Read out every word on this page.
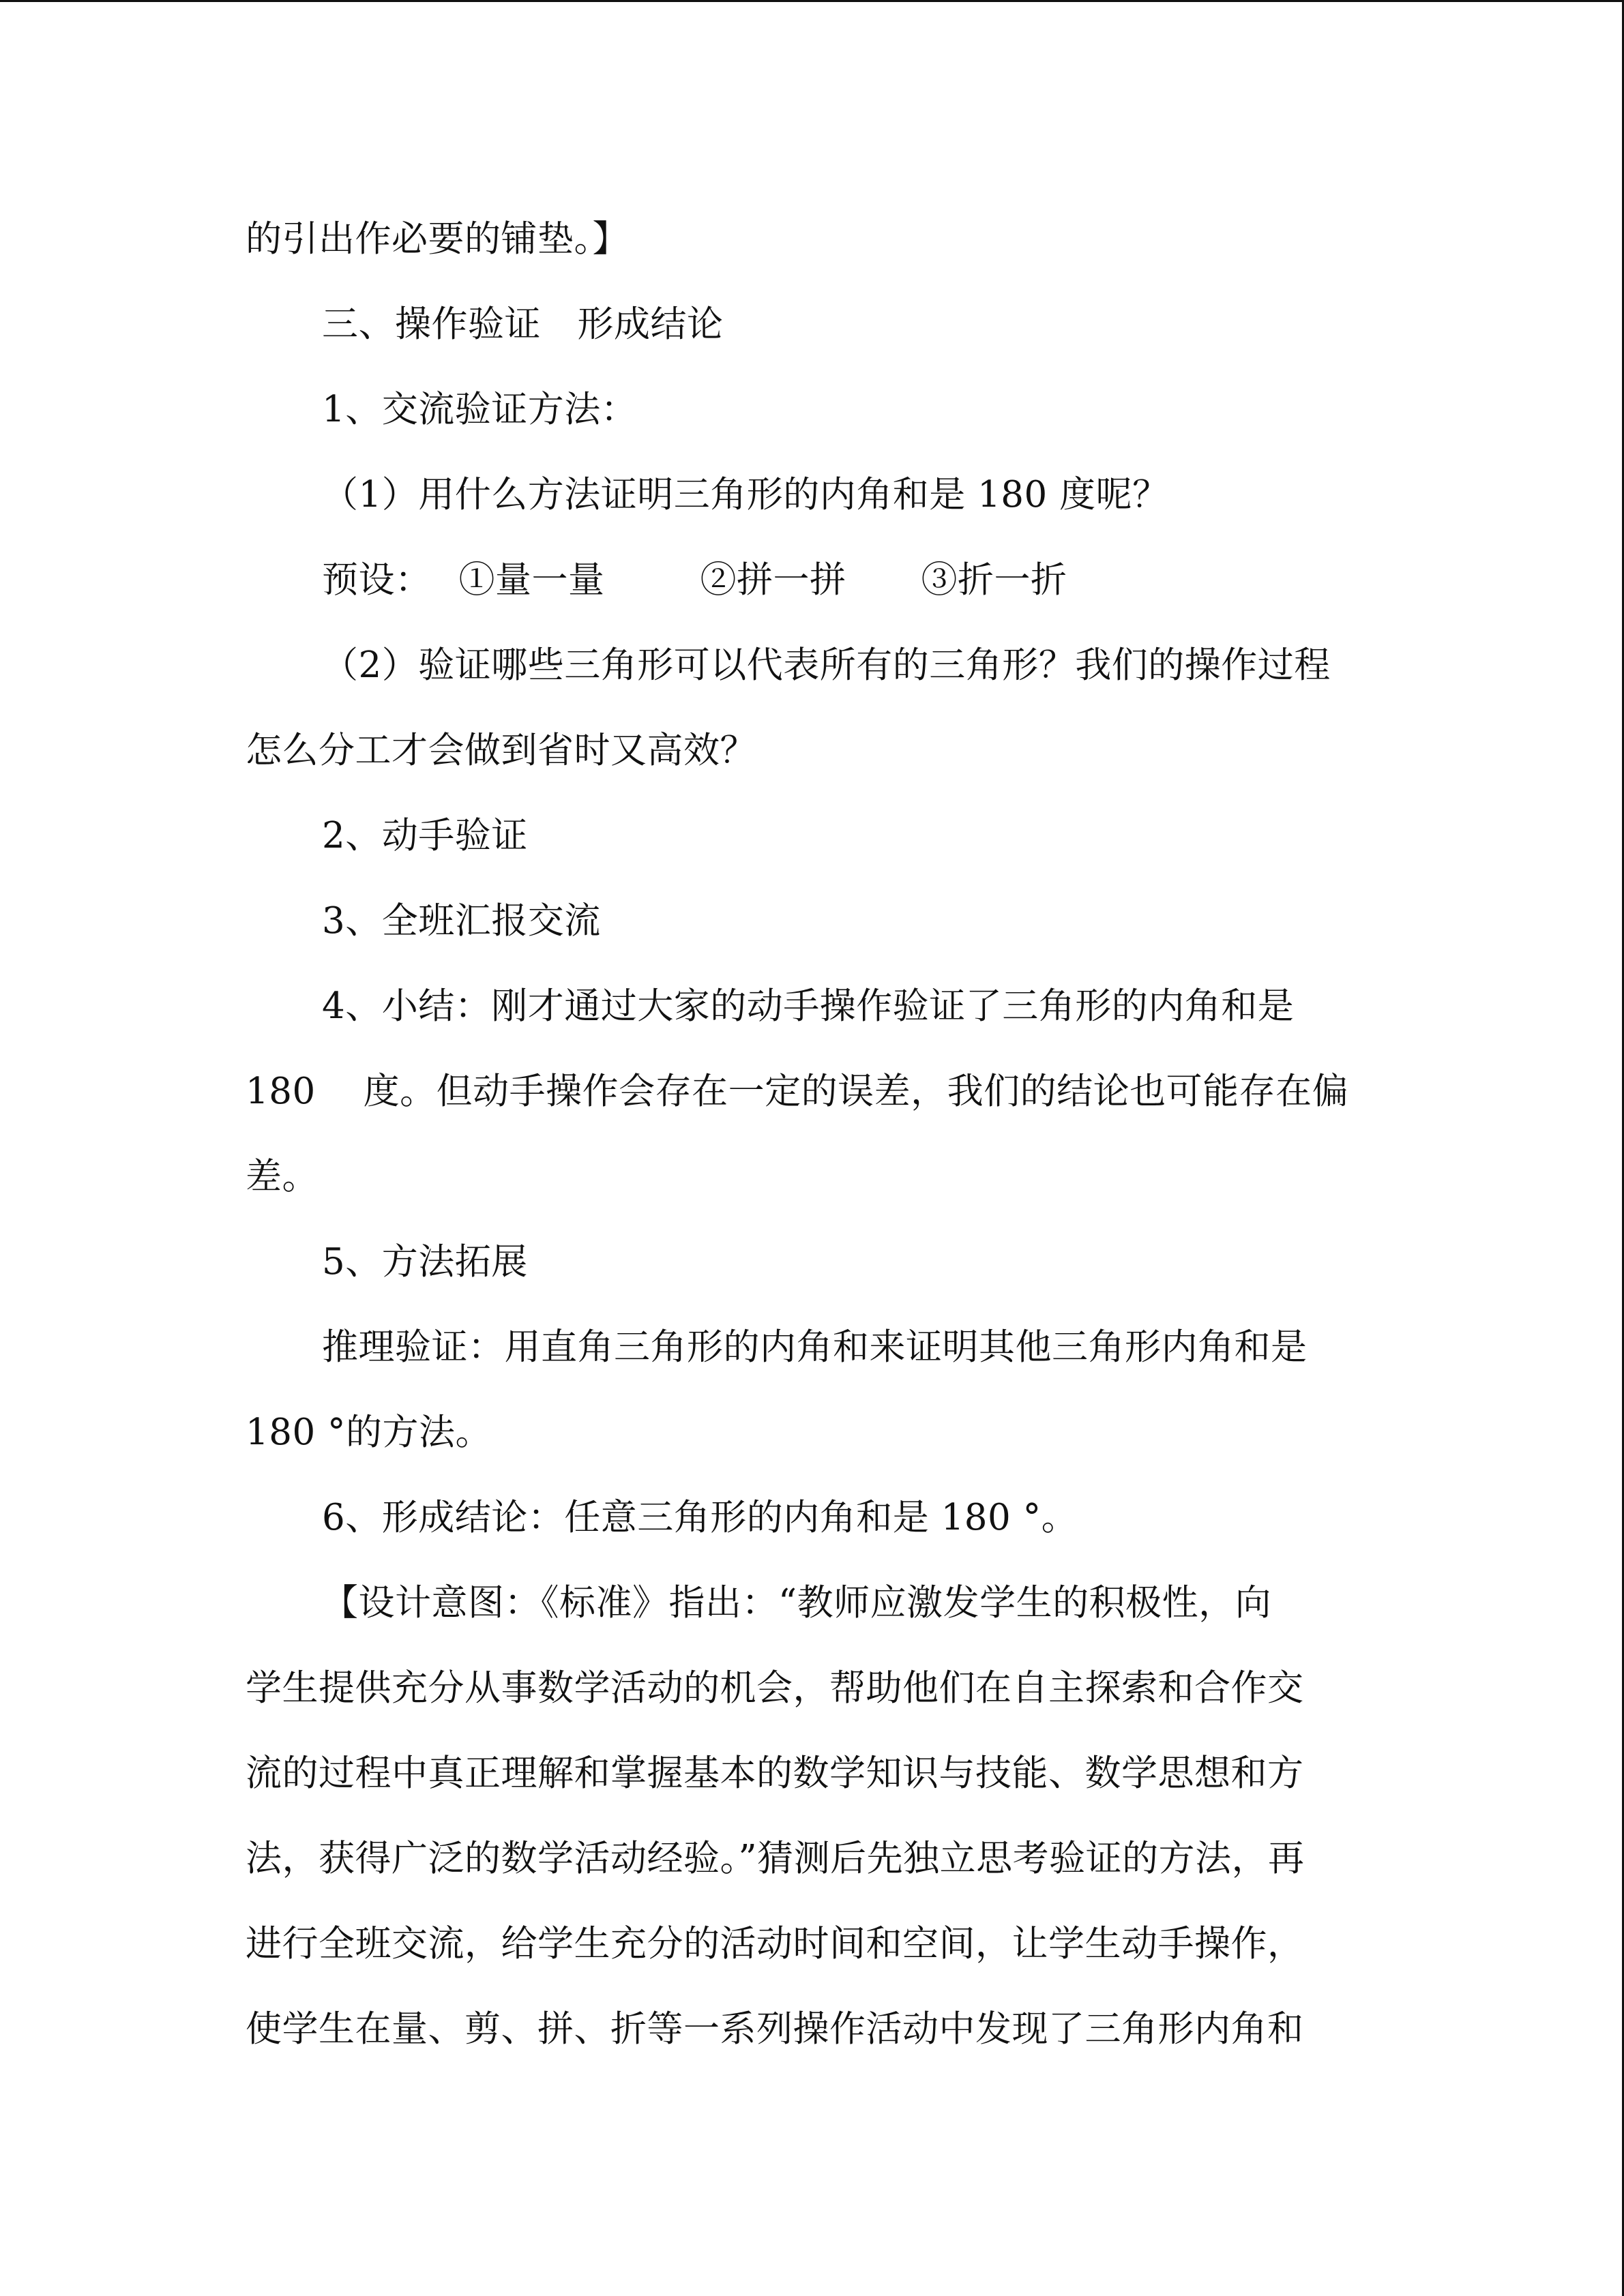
的引出作必要的铺垫。】
三、操作验证　形成结论
1、交流验证方法：
（1）用什么方法证明三角形的内角和是 180 度呢？
预设： ①量一量	②拼一拼 ③折一折
（2）验证哪些三角形可以代表所有的三角形？我们的操作过程
怎么分工才会做到省时又高效？
2、动手验证
3、全班汇报交流
4、小结：刚才通过大家的动手操作验证了三角形的内角和是
180 度。但动手操作会存在一定的误差，我们的结论也可能存在偏
差。
5、方法拓展
推理验证：用直角三角形的内角和来证明其他三角形内角和是
180 °的方法。
6、形成结论：任意三角形的内角和是 180 °。
【设计意图：《标准》指出：“教师应激发学生的积极性，向
学生提供充分从事数学活动的机会，帮助他们在自主探索和合作交
流的过程中真正理解和掌握基本的数学知识与技能、数学思想和方
法，获得广泛的数学活动经验。”猜测后先独立思考验证的方法，再
进行全班交流，给学生充分的活动时间和空间，让学生动手操作，
使学生在量、剪、拼、折等一系列操作活动中发现了三角形内角和
